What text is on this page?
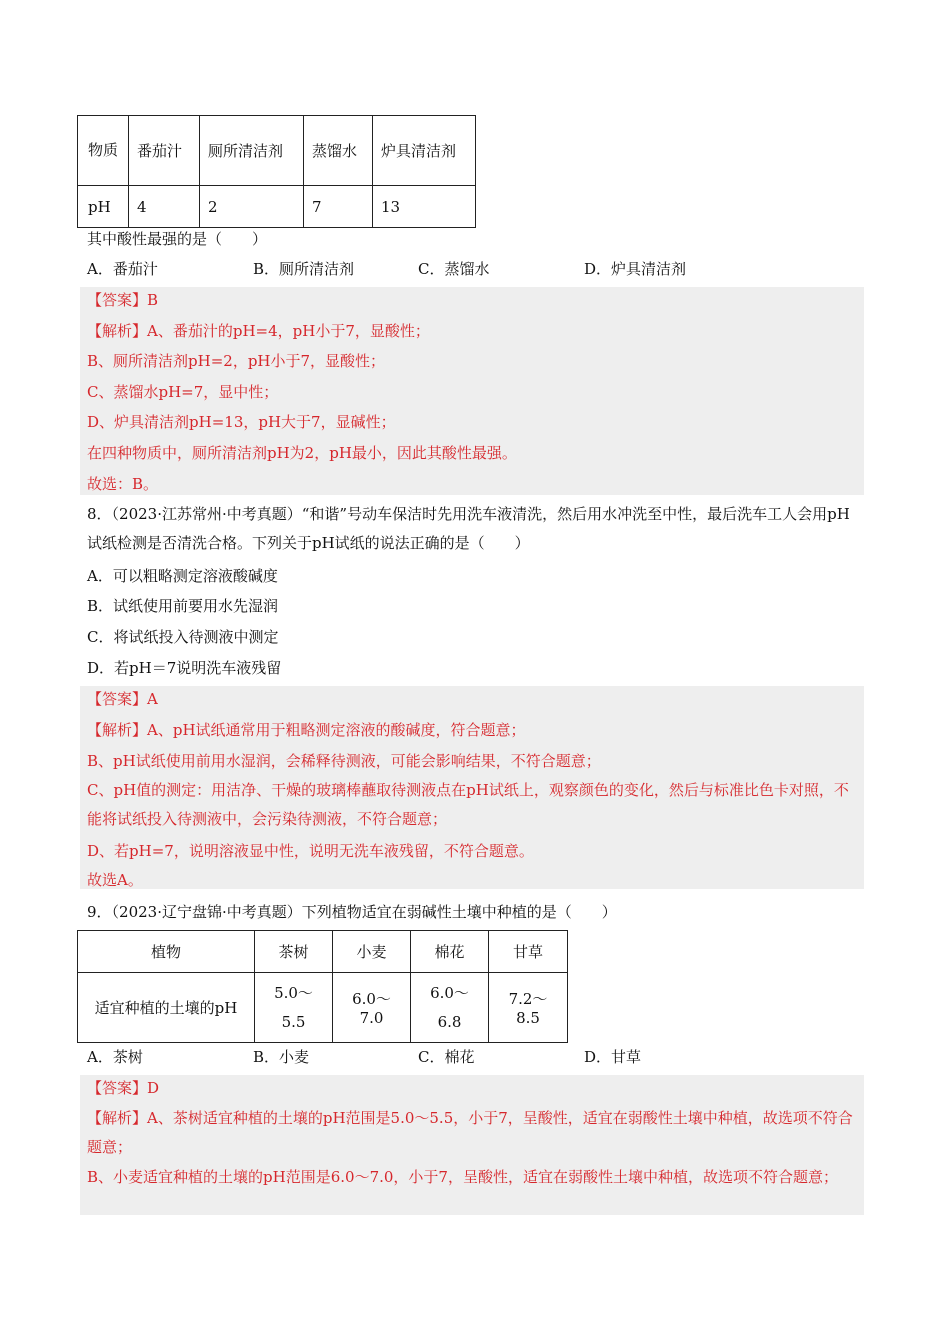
物质	番茄汁	厕所清洁剂	蒸馏水	炉具清洁剂
pH	4	2	7	13
其中酸性最强的是（　　）
A．番茄汁	B．厕所清洁剂	C．蒸馏水	D．炉具清洁剂
【答案】B
【解析】A、番茄汁的pH=4，pH小于7，显酸性；
B、厕所清洁剂pH=2，pH小于7，显酸性；
C、蒸馏水pH=7，显中性；
D、炉具清洁剂pH=13，pH大于7，显碱性；
在四种物质中，厕所清洁剂pH为2，pH最小，因此其酸性最强。
故选：B。
8．（2023·江苏常州·中考真题）“和谐”号动车保洁时先用洗车液清洗，然后用水冲洗至中性，最后洗车工人会用pH试纸检测是否清洗合格。下列关于pH试纸的说法正确的是（　　）
A．可以粗略测定溶液酸碱度
B．试纸使用前要用水先湿润
C．将试纸投入待测液中测定
D．若pH＝7说明洗车液残留
【答案】A
【解析】A、pH试纸通常用于粗略测定溶液的酸碱度，符合题意；
B、pH试纸使用前用水湿润，会稀释待测液，可能会影响结果，不符合题意；
C、pH值的测定：用洁净、干燥的玻璃棒蘸取待测液点在pH试纸上，观察颜色的变化，然后与标准比色卡对照，不能将试纸投入待测液中，会污染待测液，不符合题意；
D、若pH=7，说明溶液显中性，说明无洗车液残留，不符合题意。
故选A。
9．（2023·辽宁盘锦·中考真题）下列植物适宜在弱碱性土壤中种植的是（　　）
植物	茶树	小麦	棉花	甘草
适宜种植的土壤的pH	5.0～5.5	6.0～7.0	6.0～6.8	7.2～8.5
A．茶树	B．小麦	C．棉花	D．甘草
【答案】D
【解析】A、茶树适宜种植的土壤的pH范围是5.0～5.5，小于7，呈酸性，适宜在弱酸性土壤中种植，故选项不符合题意；
B、小麦适宜种植的土壤的pH范围是6.0～7.0，小于7，呈酸性，适宜在弱酸性土壤中种植，故选项不符合题意；
